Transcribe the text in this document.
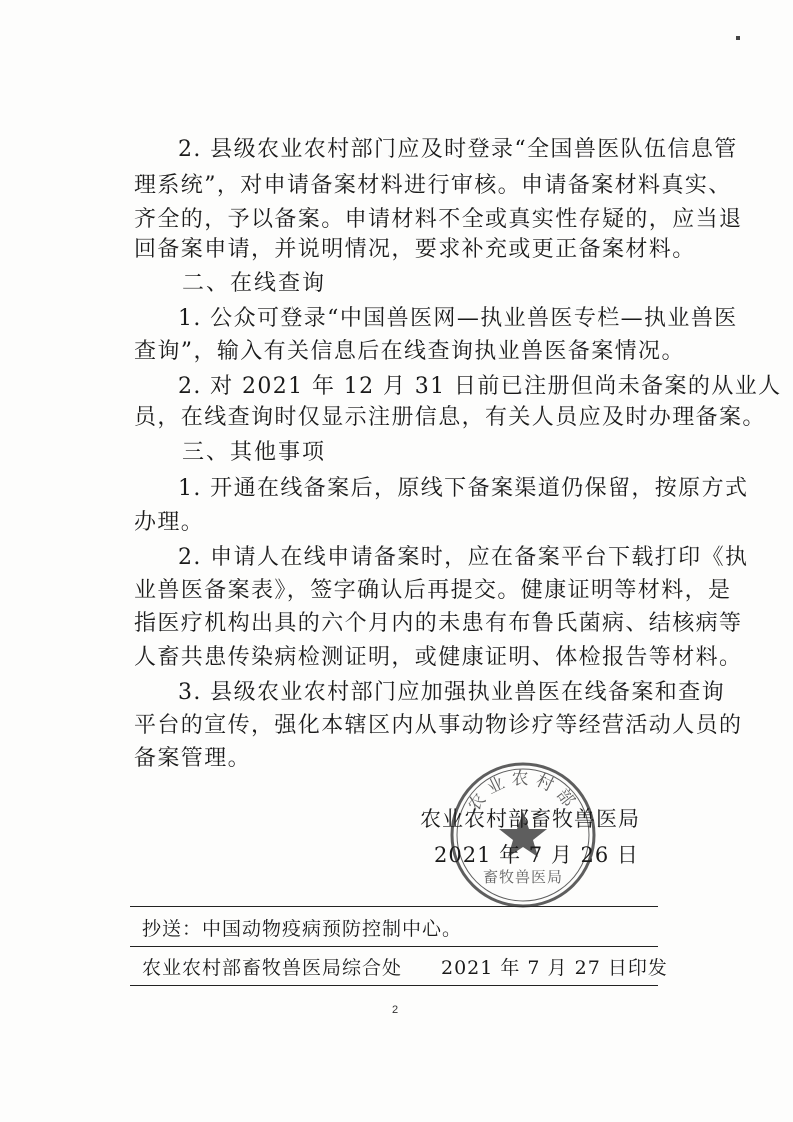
2. 县级农业农村部门应及时登录“全国兽医队伍信息管
理系统”，对申请备案材料进行审核。申请备案材料真实、
齐全的，予以备案。申请材料不全或真实性存疑的，应当退
回备案申请，并说明情况，要求补充或更正备案材料。
二、在线查询
1. 公众可登录“中国兽医网—执业兽医专栏—执业兽医
查询”，输入有关信息后在线查询执业兽医备案情况。
2. 对 2021 年 12 月 31 日前已注册但尚未备案的从业人
员，在线查询时仅显示注册信息，有关人员应及时办理备案。
三、其他事项
1. 开通在线备案后，原线下备案渠道仍保留，按原方式
办理。
2. 申请人在线申请备案时，应在备案平台下载打印《执
业兽医备案表》，签字确认后再提交。健康证明等材料，是
指医疗机构出具的六个月内的未患有布鲁氏菌病、结核病等
人畜共患传染病检测证明，或健康证明、体检报告等材料。
3. 县级农业农村部门应加强执业兽医在线备案和查询
平台的宣传，强化本辖区内从事动物诊疗等经营活动人员的
备案管理。
农业农村部
畜牧兽医局
农业农村部畜牧兽医局
2021 年 7 月 26 日
抄送：中国动物疫病预防控制中心。
农业农村部畜牧兽医局综合处 2021 年 7 月 27 日印发
2
